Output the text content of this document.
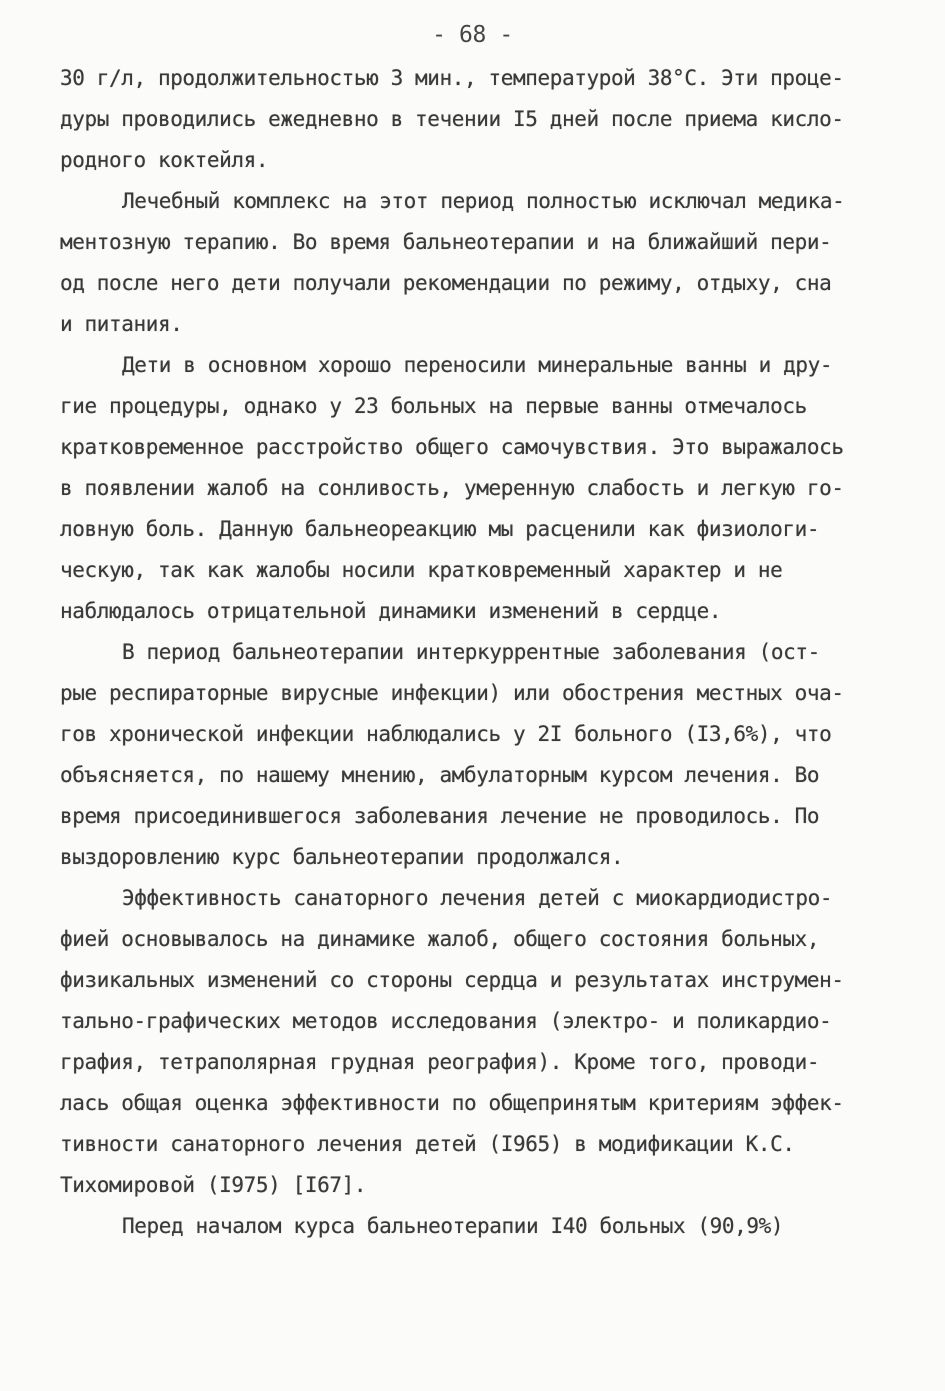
- 68 -
30 г/л, продолжительностью 3 мин., температурой 38°С. Эти проце-
дуры проводились ежедневно в течении I5 дней после приема кисло-
родного коктейля.
Лечебный комплекс на этот период полностью исключал медика-
ментозную терапию. Во время бальнеотерапии и на ближайший пери-
од после него дети получали рекомендации по режиму, отдыху, сна
и питания.
Дети в основном хорошо переносили минеральные ванны и дру-
гие процедуры, однако у 23 больных на первые ванны отмечалось
кратковременное расстройство общего самочувствия. Это выражалось
в появлении жалоб на сонливость, умеренную слабость и легкую го-
ловную боль. Данную бальнеореакцию мы расценили как физиологи-
ческую, так как жалобы носили кратковременный характер и не
наблюдалось отрицательной динамики изменений в сердце.
В период бальнеотерапии интеркуррентные заболевания (ост-
рые респираторные вирусные инфекции) или обострения местных оча-
гов хронической инфекции наблюдались у 2I больного (I3,6%), что
объясняется, по нашему мнению, амбулаторным курсом лечения. Во
время присоединившегося заболевания лечение не проводилось. По
выздоровлению курс бальнеотерапии продолжался.
Эффективность санаторного лечения детей с миокардиодистро-
фией основывалось на динамике жалоб, общего состояния больных,
физикальных изменений со стороны сердца и результатах инструмен-
тально-графических методов исследования (электро- и поликардио-
графия, тетраполярная грудная реография). Кроме того, проводи-
лась общая оценка эффективности по общепринятым критериям эффек-
тивности санаторного лечения детей (I965) в модификации К.С.
Тихомировой (I975) [I67].
Перед началом курса бальнеотерапии I40 больных (90,9%)
